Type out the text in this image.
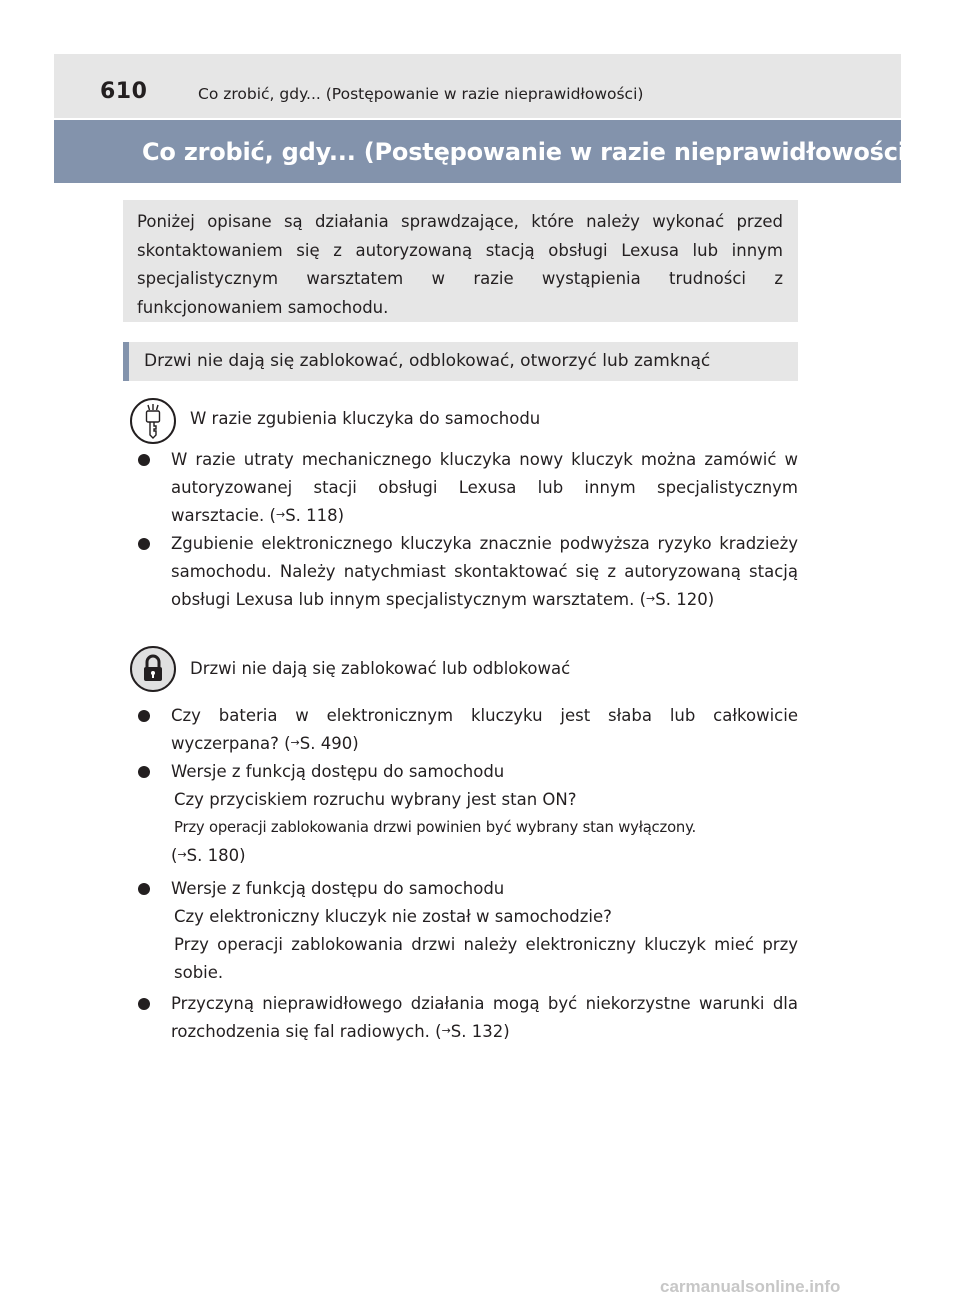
610	Co zrobić, gdy... (Postępowanie w razie nieprawidłowości)
Co zrobić, gdy... (Postępowanie w razie nieprawidłowości)

Poniżej opisane są działania sprawdzające, które należy wykonać przed skontaktowaniem się z autoryzowaną stacją obsługi Lexusa lub innym specjalistycznym warsztatem w razie wystąpienia trudności z funkcjonowaniem samochodu.

Drzwi nie dają się zablokować, odblokować, otworzyć lub zamknąć
W razie zgubienia kluczyka do samochodu
W razie utraty mechanicznego kluczyka nowy kluczyk można zamówić w autoryzowanej stacji obsługi Lexusa lub innym specjalistycznym warsztacie. (→S. 118)
Zgubienie elektronicznego kluczyka znacznie podwyższa ryzyko kradzieży samochodu. Należy natychmiast skontaktować się z autoryzowaną stacją obsługi Lexusa lub innym specjalistycznym warsztatem. (→S. 120)
Drzwi nie dają się zablokować lub odblokować
Czy bateria w elektronicznym kluczyku jest słaba lub całkowicie wyczerpana? (→S. 490)
Wersje z funkcją dostępu do samochodu
Czy przyciskiem rozruchu wybrany jest stan ON?
Przy operacji zablokowania drzwi powinien być wybrany stan wyłączony.
(→S. 180)
Wersje z funkcją dostępu do samochodu
Czy elektroniczny kluczyk nie został w samochodzie?
Przy operacji zablokowania drzwi należy elektroniczny kluczyk mieć przy sobie.
Przyczyną nieprawidłowego działania mogą być niekorzystne warunki dla rozchodzenia się fal radiowych. (→S. 132)
carmanualsonline.info
